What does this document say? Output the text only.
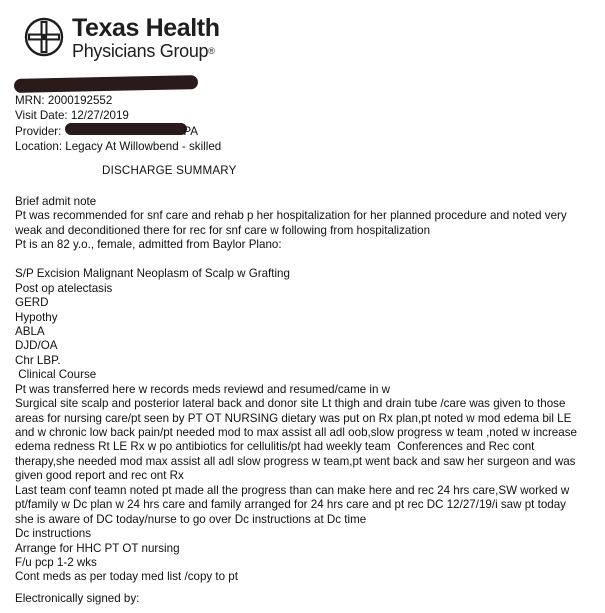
Texas Health
Physicians Group®
MRN: 2000192552
Visit Date: 12/27/2019
Provider:	PA
Location: Legacy At Willowbend - skilled
DISCHARGE SUMMARY
Brief admit note
Pt was recommended for snf care and rehab p her hospitalization for her planned procedure and noted very
weak and deconditioned there for rec for snf care w following from hospitalization
Pt is an 82 y.o., female, admitted from Baylor Plano:
S/P Excision Malignant Neoplasm of Scalp w Grafting
Post op atelectasis
GERD
Hypothy
ABLA
DJD/OA
Chr LBP.
Clinical Course
Pt was transferred here w records meds reviewd and resumed/came in w
Surgical site scalp and posterior lateral back and donor site Lt thigh and drain tube /care was given to those
areas for nursing care/pt seen by PT OT NURSING dietary was put on Rx plan,pt noted w mod edema bil LE
and w chronic low back pain/pt needed mod to max assist all adl oob,slow progress w team ,noted w increase
edema redness Rt LE Rx w po antibiotics for cellulitis/pt had weekly team  Conferences and Rec cont
therapy,she needed mod max assist all adl slow progress w team,pt went back and saw her surgeon and was
given good report and rec ont Rx
Last team conf teamn noted pt made all the progress than can make here and rec 24 hrs care,SW worked w
pt/family w Dc plan w 24 hrs care and family arranged for 24 hrs care and pt rec DC 12/27/19/i saw pt today
she is aware of DC today/nurse to go over Dc instructions at Dc time
Dc instructions
Arrange for HHC PT OT nursing
F/u pcp 1-2 wks
Cont meds as per today med list /copy to pt
Electronically signed by:
